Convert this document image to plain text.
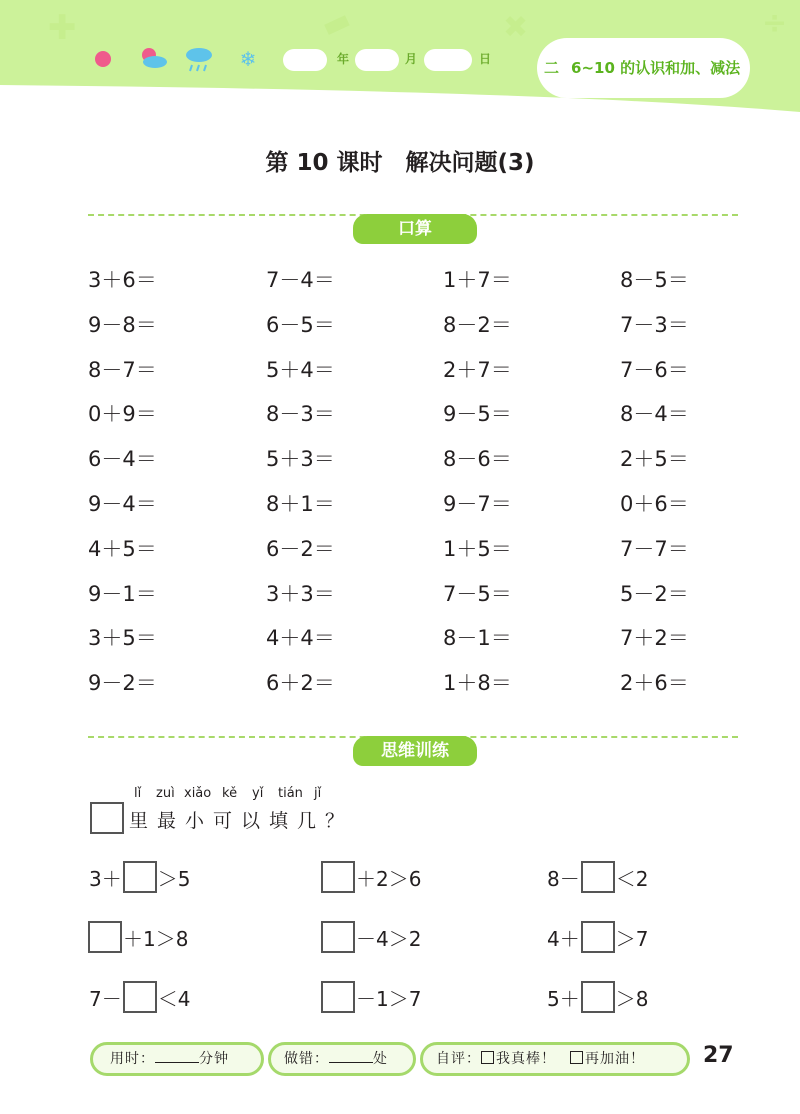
✚	▬	✖	÷
❄	年	月	日	二 6~10 的认识和加、减法
第 10 课时　解决问题(3)
口算
3＋6＝	7－4＝	1＋7＝	8－5＝
9－8＝	6－5＝	8－2＝	7－3＝
8－7＝	5＋4＝	2＋7＝	7－6＝
0＋9＝	8－3＝	9－5＝	8－4＝
6－4＝	5＋3＝	8－6＝	2＋5＝
9－4＝	8＋1＝	9－7＝	0＋6＝
4＋5＝	6－2＝	1＋5＝	7－7＝
9－1＝	3＋3＝	7－5＝	5－2＝
3＋5＝	4＋4＝	8－1＝	7＋2＝
9－2＝	6＋2＝	1＋8＝	2＋6＝
思维训练
lǐ zuì xiǎo kě yǐ tián jǐ
里最小可以填几？
3＋ ＞5	＋2＞6	8－ ＜2
＋1＞8	－4＞2	4＋ ＞7
7－ ＜4	－1＞7	5＋ ＞8
用时：	分钟	做错：	处	自评： 我真棒！ 再加油！	27
